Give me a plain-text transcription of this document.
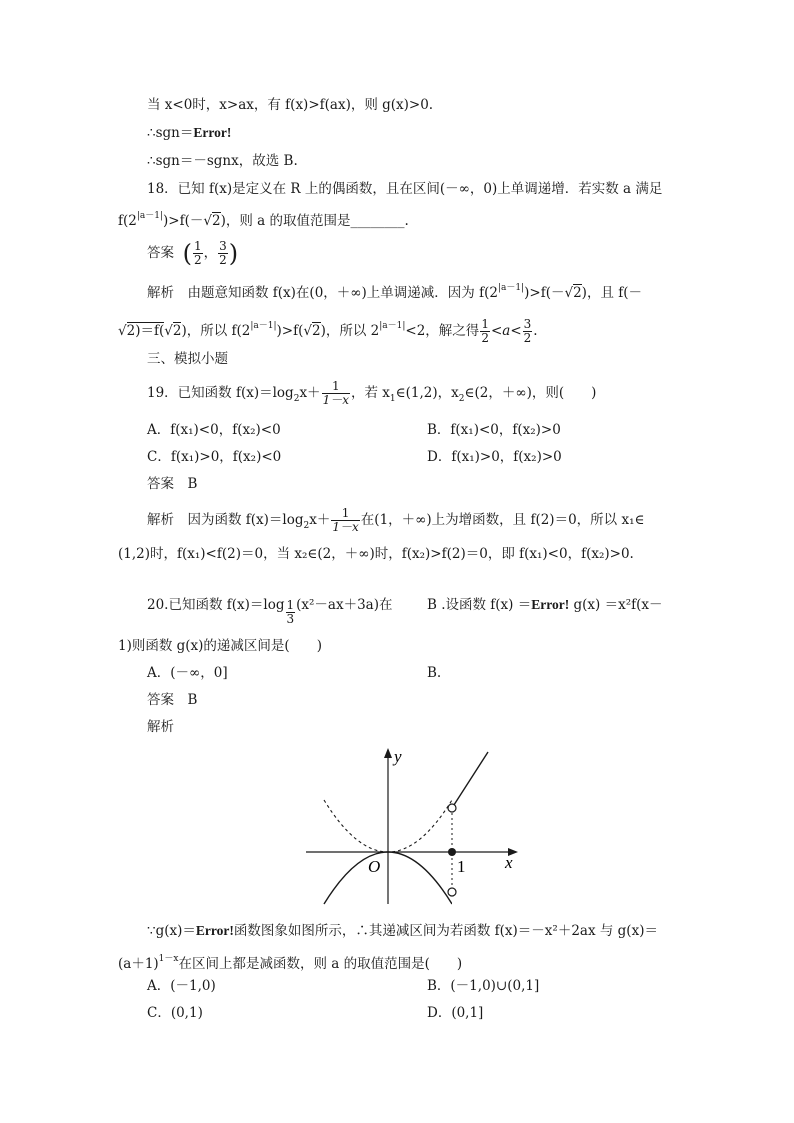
当 x<0时，x>ax，有 f(x)>f(ax)，则 g(x)>0.
∴sgn＝Error!
∴sgn＝－sgnx，故选 B.
18．已知 f(x)是定义在 R 上的偶函数，且在区间(－∞，0)上单调递增．若实数 a 满足
$f(2^{|a-1|})>f(-√2)$，则 a 的取值范围是________.
答案 ( $\frac{1}{2}$ ， $\frac{3}{2}$ )
解析　由题意知函数 f(x)在(0，＋∞)上单调递减．因为 $f(2^{|a-1|})>f(-√2)$，且 f(－
√2)＝f(√2)，所以 $f(2^{|a-1|})>f(√2)$，所以 $2^{|a-1|}<2$，解之得 $\frac{1}{2} <a< \frac{3}{2}$ .
三、模拟小题
19．已知函数 $f(x)=\log_2x+ \frac{1}{1-x}$ ，若 $x_1\in(1,2)$，$x_2\in(2$，＋∞)，则(　　)
A．f(x₁)<0，f(x₂)<0	B．f(x₁)<0，f(x₂)>0
C．f(x₁)>0，f(x₂)<0	D．f(x₁)>0，f(x₂)>0
答案　B
解析　因为函数 $f(x)=\log_2x+ \frac{1}{1-x}$ 在(1，＋∞)上为增函数，且 f(2)＝0，所以 x₁∈
(1,2)时，f(x₁)<f(2)＝0，当 x₂∈(2，＋∞)时，f(x₂)>f(2)＝0，即 f(x₁)<0，f(x₂)>0.
20.已知函数 $f(x)=\log \frac{1}{3} (x^2-ax+3a)$在	B .设函数 f(x) ＝Error! g(x) ＝x²f(x－
1)则函数 g(x)的递减区间是(　　)
A．(－∞，0]	B.
答案　B
解析
y
x
O	1
∵g(x)＝Error!函数图象如图所示，∴其递减区间为若函数 f(x)＝－x²＋2ax 与 g(x)＝
$(a+1)^{1-x}$在区间上都是减函数，则 a 的取值范围是(　　)
A．(－1,0)	B．(－1,0)∪(0,1]
C．(0,1)	D．(0,1]
